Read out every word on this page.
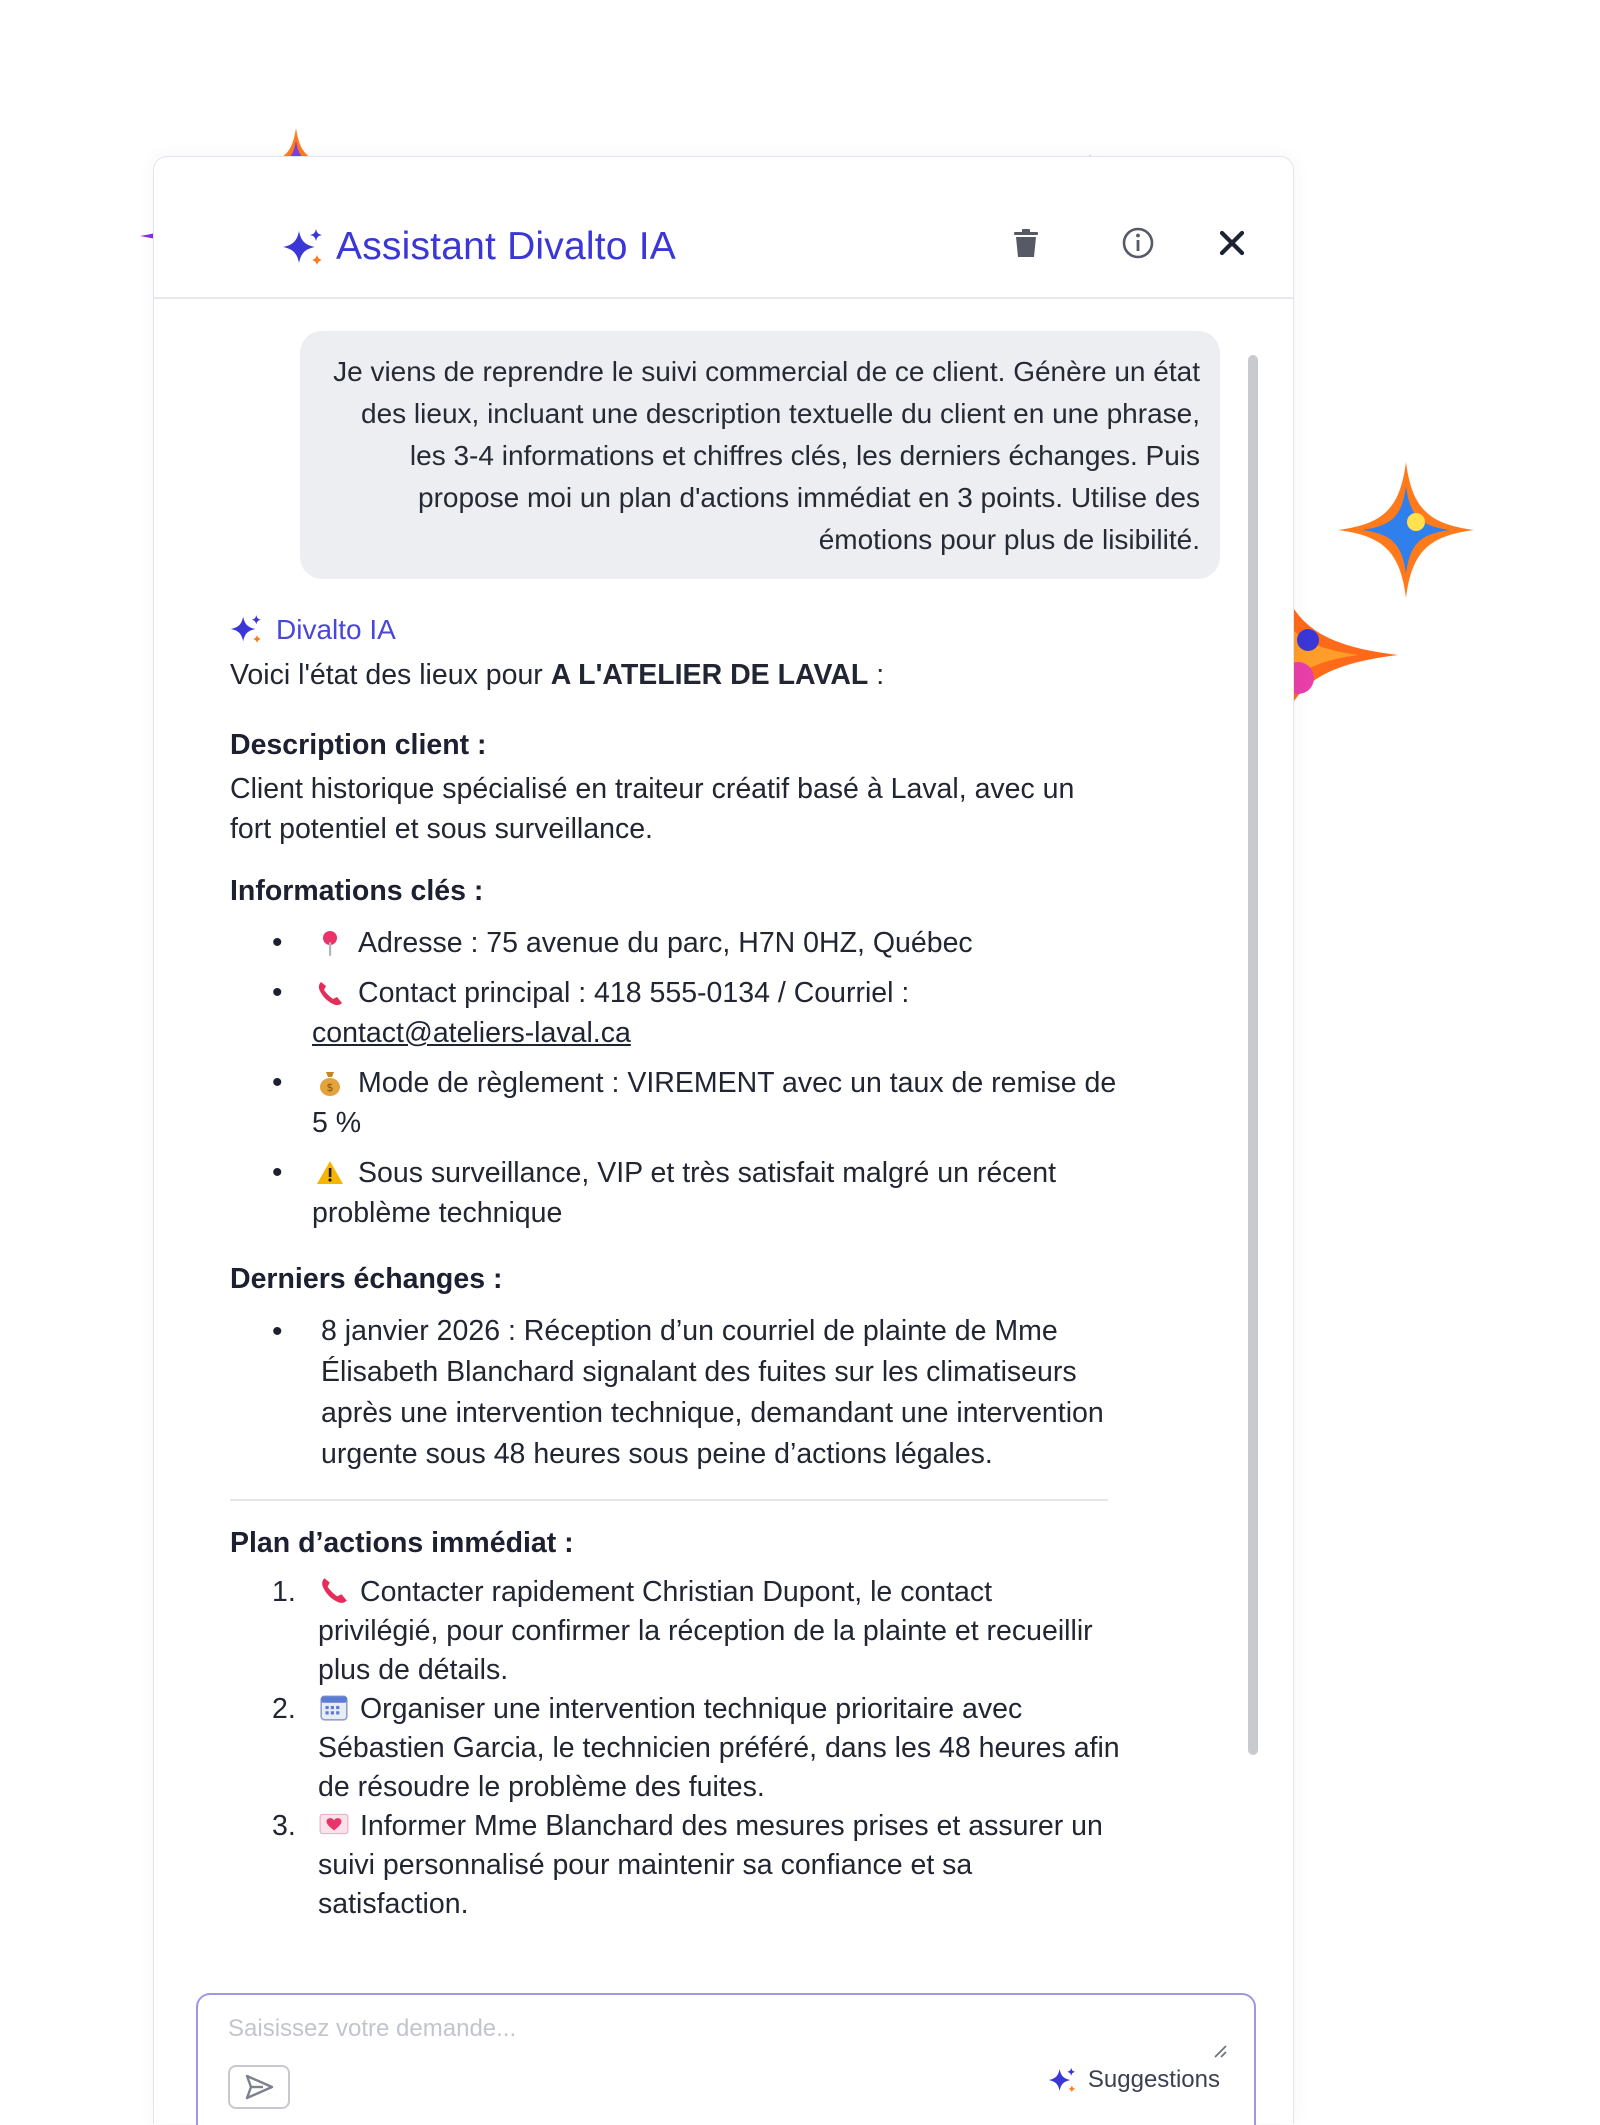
Assistant Divalto IA
Je viens de reprendre le suivi commercial de ce client. Génère un état des lieux, incluant une description textuelle du client en une phrase, les 3-4 informations et chiffres clés, les derniers échanges. Puis propose moi un plan d'actions immédiat en 3 points. Utilise des émotions pour plus de lisibilité.
Divalto IA
Voici l'état des lieux pour A L'ATELIER DE LAVAL :
Description client :

Client historique spécialisé en traiteur créatif basé à Laval, avec un fort potentiel et sous surveillance.

Informations clés :
• Adresse : 75 avenue du parc, H7N 0HZ, Québec
• Contact principal : 418 555-0134 / Courriel :
contact@ateliers-laval.ca
• $ Mode de règlement : VIREMENT avec un taux de remise de 5 %
• Sous surveillance, VIP et très satisfait malgré un récent problème technique
Derniers échanges :
• 8 janvier 2026 : Réception d’un courriel de plainte de Mme Élisabeth Blanchard signalant des fuites sur les climatiseurs après une intervention technique, demandant une intervention urgente sous 48 heures sous peine d’actions légales.
Plan d’actions immédiat :
1. Contacter rapidement Christian Dupont, le contact privilégié, pour confirmer la réception de la plainte et recueillir plus de détails.
2. Organiser une intervention technique prioritaire avec Sébastien Garcia, le technicien préféré, dans les 48 heures afin de résoudre le problème des fuites.
3. Informer Mme Blanchard des mesures prises et assurer un suivi personnalisé pour maintenir sa confiance et sa satisfaction.
Saisissez votre demande...
Suggestions
